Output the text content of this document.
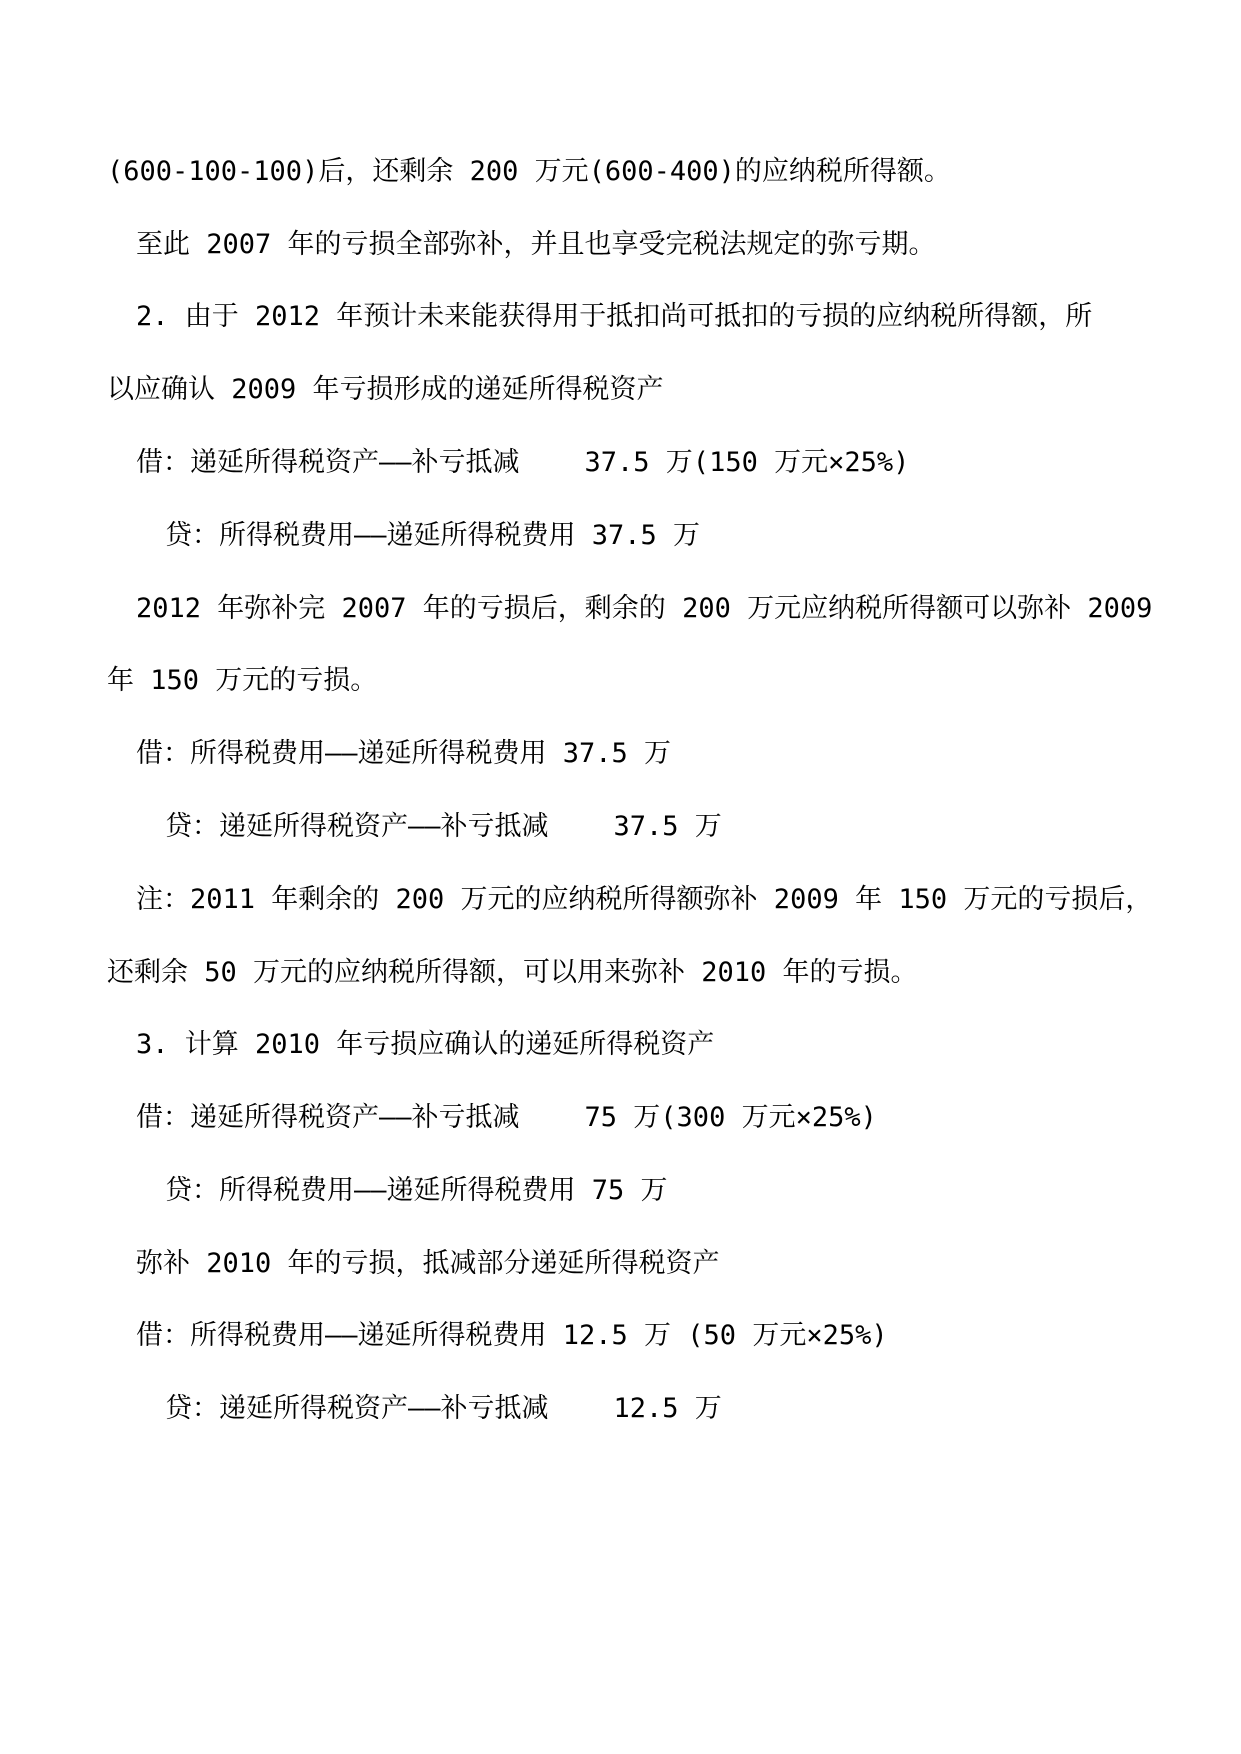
(600-100-100)后，还剩余 200 万元(600-400)的应纳税所得额。
至此 2007 年的亏损全部弥补，并且也享受完税法规定的弥亏期。
2. 由于 2012 年预计未来能获得用于抵扣尚可抵扣的亏损的应纳税所得额，所
以应确认 2009 年亏损形成的递延所得税资产
借：递延所得税资产——补亏抵减    37.5 万(150 万元×25%)
贷：所得税费用——递延所得税费用 37.5 万
2012 年弥补完 2007 年的亏损后，剩余的 200 万元应纳税所得额可以弥补 2009
年 150 万元的亏损。
借：所得税费用——递延所得税费用 37.5 万
贷：递延所得税资产——补亏抵减    37.5 万
注：2011 年剩余的 200 万元的应纳税所得额弥补 2009 年 150 万元的亏损后，
还剩余 50 万元的应纳税所得额，可以用来弥补 2010 年的亏损。
3. 计算 2010 年亏损应确认的递延所得税资产
借：递延所得税资产——补亏抵减    75 万(300 万元×25%)
贷：所得税费用——递延所得税费用 75 万
弥补 2010 年的亏损，抵减部分递延所得税资产
借：所得税费用——递延所得税费用 12.5 万 (50 万元×25%)
贷：递延所得税资产——补亏抵减    12.5 万
